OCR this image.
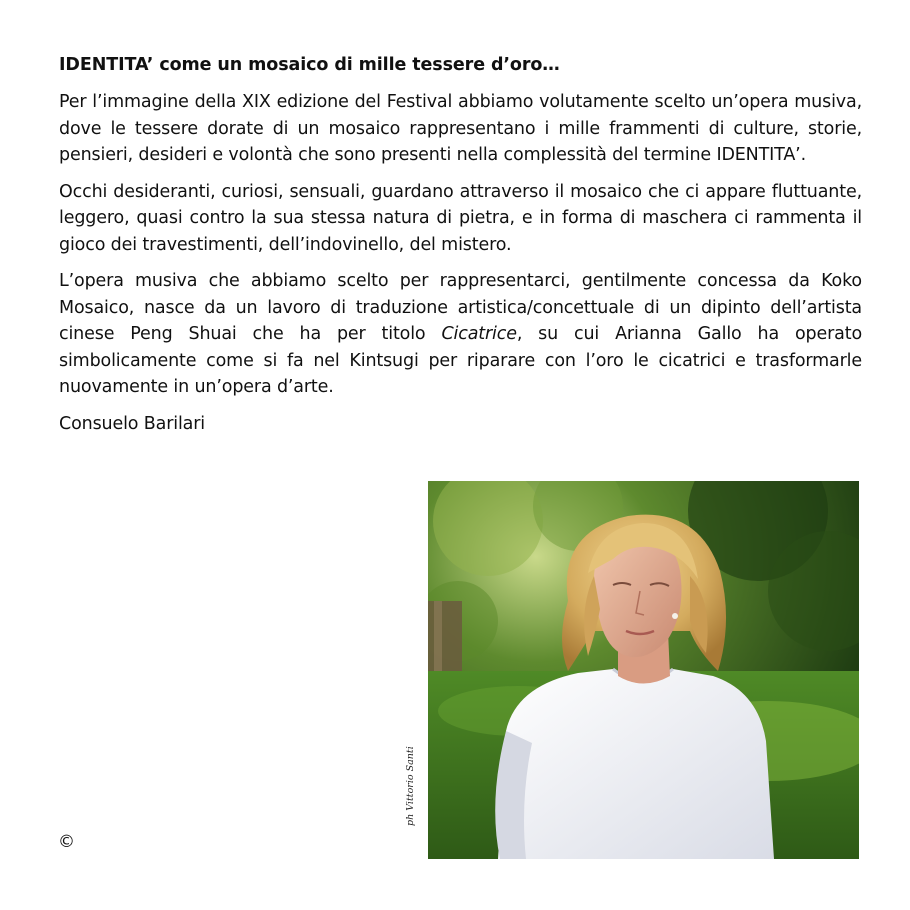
IDENTITA’ come un mosaico di mille tessere d’oro…

Per l’immagine della XIX edizione del Festival abbiamo volutamente scelto un’opera musiva, dove le tessere dorate di un mosaico rappresentano i mille frammenti di culture, storie, pensieri, desideri e volontà che sono presenti nella complessità del termine IDENTITA’.

Occhi desideranti, curiosi, sensuali, guardano attraverso il mosaico che ci appare fluttuante, leggero, quasi contro la sua stessa natura di pietra, e in forma di maschera ci rammenta il gioco dei travestimenti, dell’indovinello, del mistero.

L’opera musiva che abbiamo scelto per rappresentarci, gentilmente concessa da Koko Mosaico, nasce da un lavoro di traduzione artistica/concettuale di un dipinto dell’artista cinese Peng Shuai che ha per titolo Cicatrice, su cui Arianna Gallo ha operato simbolicamente come si fa nel Kintsugi per riparare con l’oro le cicatrici e trasformarle nuovamente in un’opera d’arte.

Consuelo Barilari

ph Vittorio Santi
©
